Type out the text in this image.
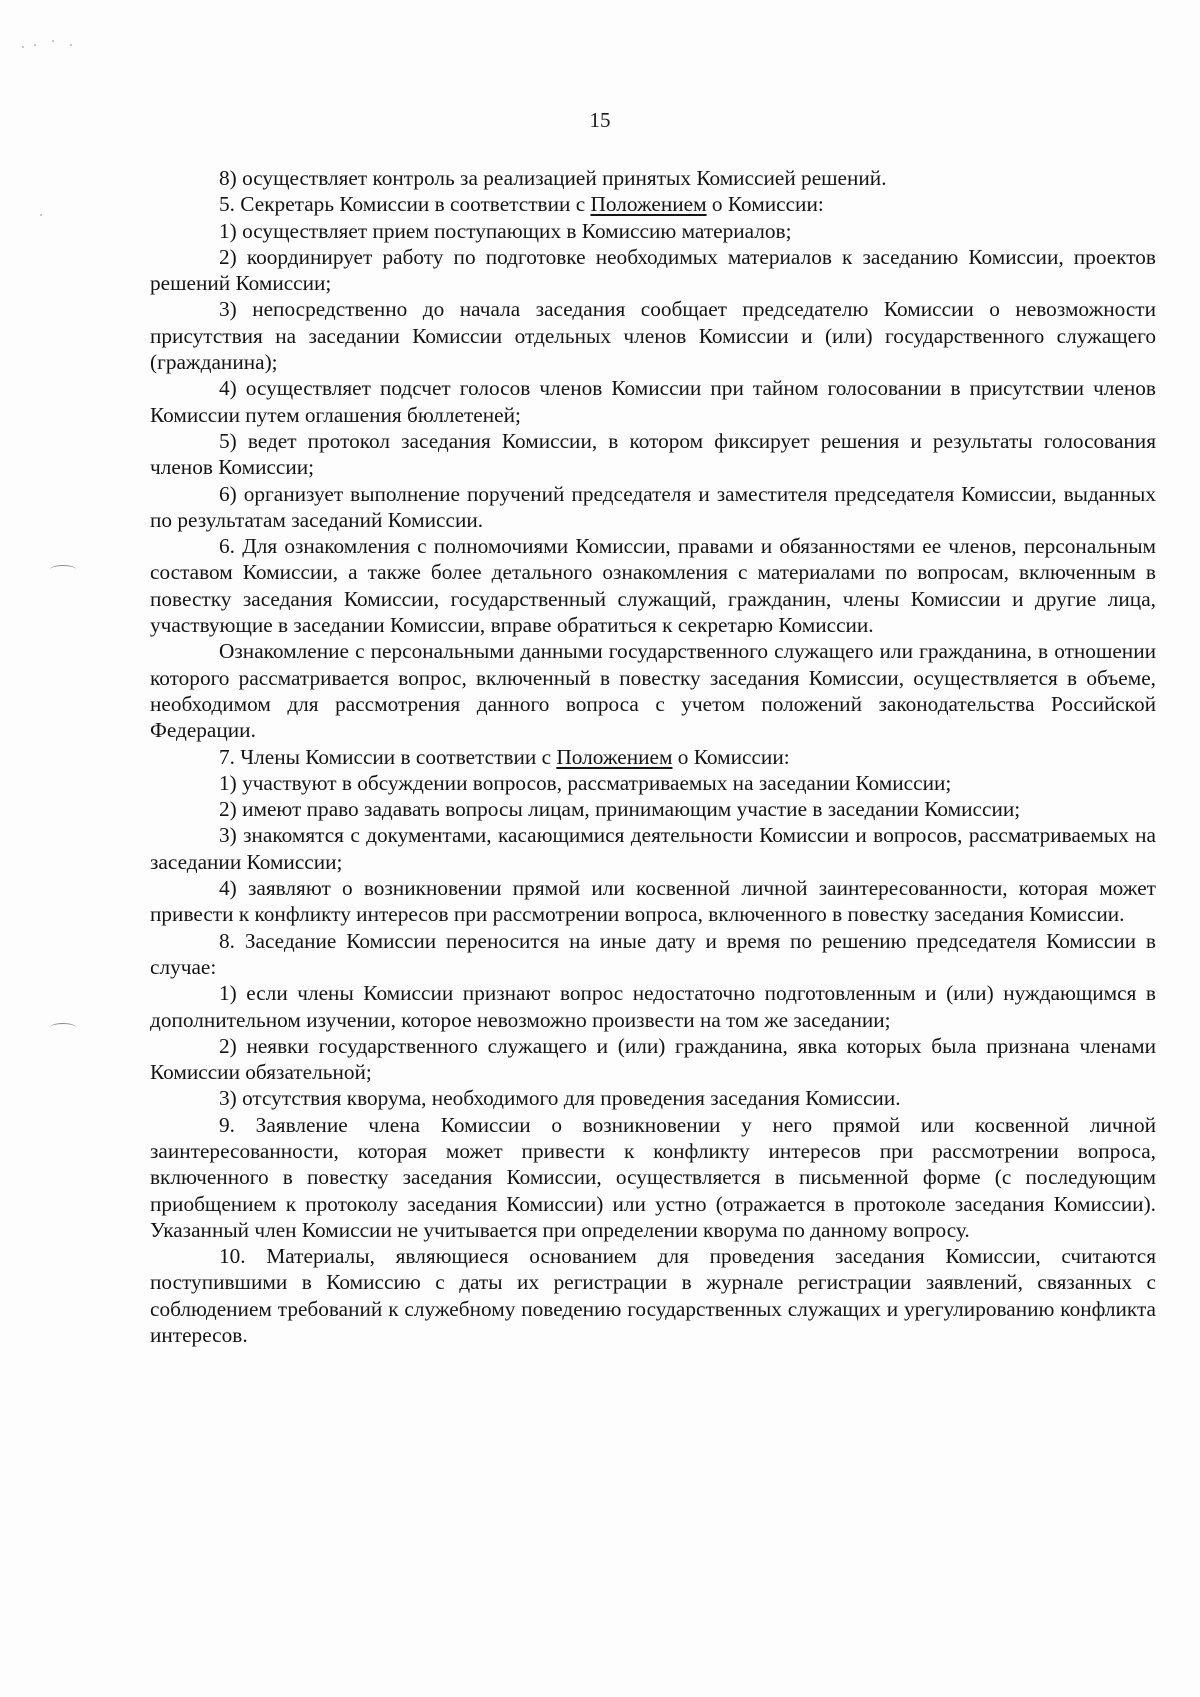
15

8) осуществляет контроль за реализацией принятых Комиссией решений.

5. Секретарь Комиссии в соответствии с Положением о Комиссии:

1) осуществляет прием поступающих в Комиссию материалов;

2) координирует работу по подготовке необходимых материалов к заседанию Комиссии, проектов решений Комиссии;

3) непосредственно до начала заседания сообщает председателю Комиссии о невозможности присутствия на заседании Комиссии отдельных членов Комиссии и (или) государственного служащего (гражданина);

4) осуществляет подсчет голосов членов Комиссии при тайном голосовании в присутствии членов Комиссии путем оглашения бюллетеней;

5) ведет протокол заседания Комиссии, в котором фиксирует решения и результаты голосования членов Комиссии;

6) организует выполнение поручений председателя и заместителя председателя Комиссии, выданных по результатам заседаний Комиссии.

6. Для ознакомления с полномочиями Комиссии, правами и обязанностями ее членов, персональным составом Комиссии, а также более детального ознакомления с материалами по вопросам, включенным в повестку заседания Комиссии, государственный служащий, гражданин, члены Комиссии и другие лица, участвующие в заседании Комиссии, вправе обратиться к секретарю Комиссии.

Ознакомление с персональными данными государственного служащего или гражданина, в отношении которого рассматривается вопрос, включенный в повестку заседания Комиссии, осуществляется в объеме, необходимом для рассмотрения данного вопроса с учетом положений законодательства Российской Федерации.

7. Члены Комиссии в соответствии с Положением о Комиссии:

1) участвуют в обсуждении вопросов, рассматриваемых на заседании Комиссии;

2) имеют право задавать вопросы лицам, принимающим участие в заседании Комиссии;

3) знакомятся с документами, касающимися деятельности Комиссии и вопросов, рассматриваемых на заседании Комиссии;

4) заявляют о возникновении прямой или косвенной личной заинтересованности, которая может привести к конфликту интересов при рассмотрении вопроса, включенного в повестку заседания Комиссии.

8. Заседание Комиссии переносится на иные дату и время по решению председателя Комиссии в случае:

1) если члены Комиссии признают вопрос недостаточно подготовленным и (или) нуждающимся в дополнительном изучении, которое невозможно произвести на том же заседании;

2) неявки государственного служащего и (или) гражданина, явка которых была признана членами Комиссии обязательной;

3) отсутствия кворума, необходимого для проведения заседания Комиссии.

9. Заявление члена Комиссии о возникновении у него прямой или косвенной личной заинтересованности, которая может привести к конфликту интересов при рассмотрении вопроса, включенного в повестку заседания Комиссии, осуществляется в письменной форме (с последующим приобщением к протоколу заседания Комиссии) или устно (отражается в протоколе заседания Комиссии). Указанный член Комиссии не учитывается при определении кворума по данному вопросу.

10. Материалы, являющиеся основанием для проведения заседания Комиссии, считаются поступившими в Комиссию с даты их регистрации в журнале регистрации заявлений, связанных с соблюдением требований к служебному поведению государственных служащих и урегулированию конфликта интересов.
